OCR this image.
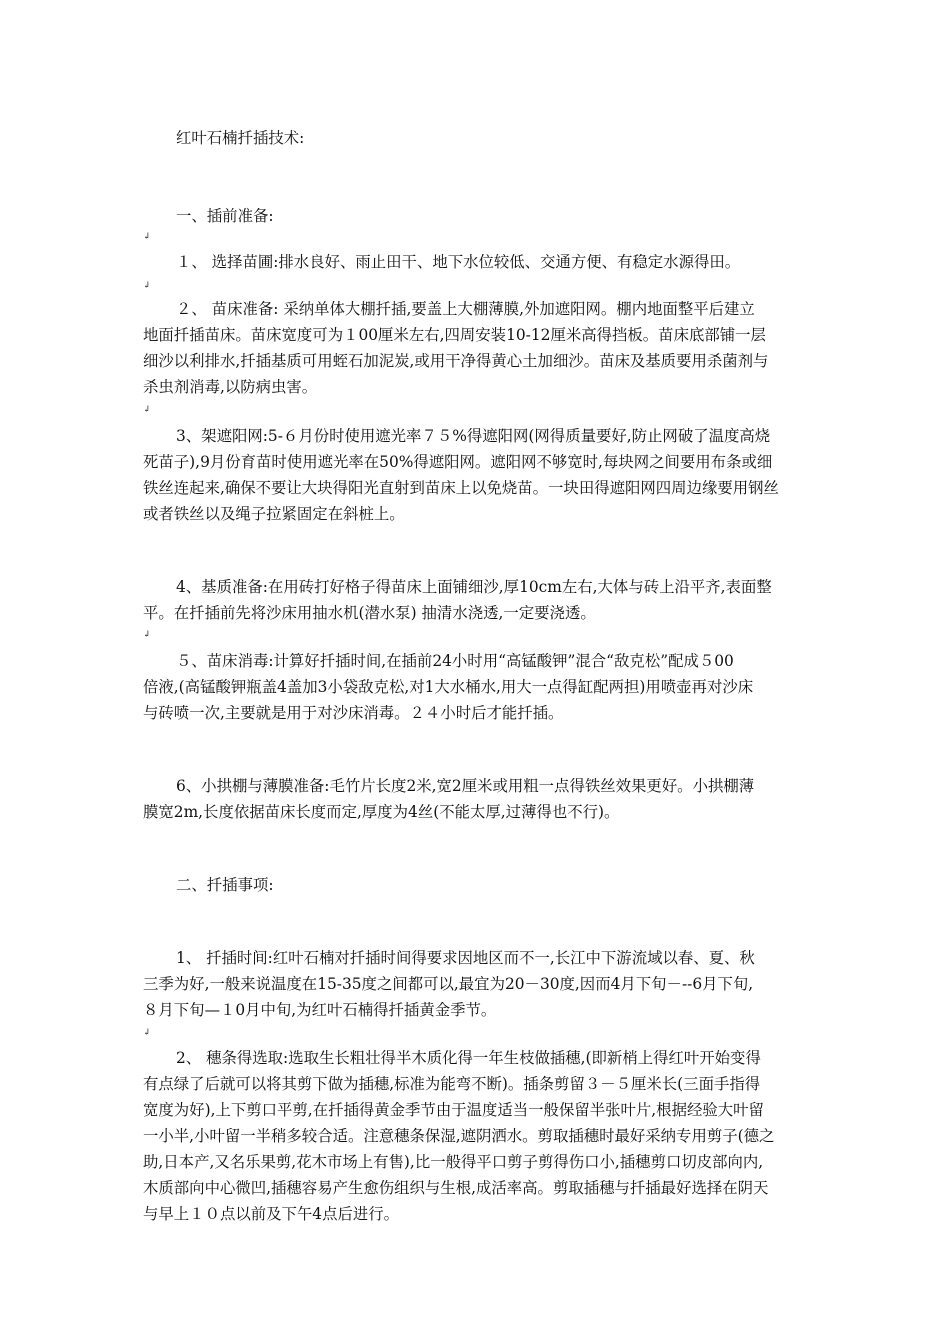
红叶石楠扦插技术:
一、插前准备:
↲
１、 选择苗圃:排水良好、雨止田干、地下水位较低、交通方便、有稳定水源得田。
↲
２、 苗床准备: 采纳单体大棚扦插,要盖上大棚薄膜,外加遮阳网。棚内地面整平后建立
地面扦插苗床。苗床宽度可为１00厘米左右,四周安装10-12厘米高得挡板。苗床底部铺一层
细沙以利排水,扦插基质可用蛭石加泥炭,或用干净得黄心土加细沙。苗床及基质要用杀菌剂与
杀虫剂消毒,以防病虫害。
↲
3、架遮阳网:5-６月份时使用遮光率７５%得遮阳网(网得质量要好,防止网破了温度高烧
死苗子),9月份育苗时使用遮光率在50%得遮阳网。遮阳网不够宽时,每块网之间要用布条或细
铁丝连起来,确保不要让大块得阳光直射到苗床上以免烧苗。一块田得遮阳网四周边缘要用钢丝
或者铁丝以及绳子拉紧固定在斜桩上。
4、基质准备:在用砖打好格子得苗床上面铺细沙,厚10cm左右,大体与砖上沿平齐,表面整
平。在扦插前先将沙床用抽水机(潜水泵) 抽清水浇透,一定要浇透。
↲
５、苗床消毒:计算好扦插时间,在插前24小时用“高锰酸钾”混合“敌克松”配成５00
倍液,(高锰酸钾瓶盖4盖加3小袋敌克松,对1大水桶水,用大一点得缸配两担)用喷壶再对沙床
与砖喷一次,主要就是用于对沙床消毒。２４小时后才能扦插。
6、小拱棚与薄膜准备:毛竹片长度2米,宽2厘米或用粗一点得铁丝效果更好。小拱棚薄
膜宽2m,长度依据苗床长度而定,厚度为4丝(不能太厚,过薄得也不行)。
二、扦插事项:
1、 扦插时间:红叶石楠对扦插时间得要求因地区而不一,长江中下游流域以春、夏、秋
三季为好,一般来说温度在15-35度之间都可以,最宜为20－30度,因而4月下旬－--6月下旬,
８月下旬—１0月中旬,为红叶石楠得扦插黄金季节。
↲
2、 穗条得选取:选取生长粗壮得半木质化得一年生枝做插穗,(即新梢上得红叶开始变得
有点绿了后就可以将其剪下做为插穗,标准为能弯不断)。插条剪留３－５厘米长(三面手指得
宽度为好),上下剪口平剪,在扦插得黄金季节由于温度适当一般保留半张叶片,根据经验大叶留
一小半,小叶留一半稍多较合适。注意穗条保湿,遮阴洒水。剪取插穗时最好采纳专用剪子(德之
助,日本产,又名乐果剪,花木市场上有售),比一般得平口剪子剪得伤口小,插穗剪口切皮部向内,
木质部向中心微凹,插穗容易产生愈伤组织与生根,成活率高。剪取插穗与扦插最好选择在阴天
与早上１０点以前及下午4点后进行。
